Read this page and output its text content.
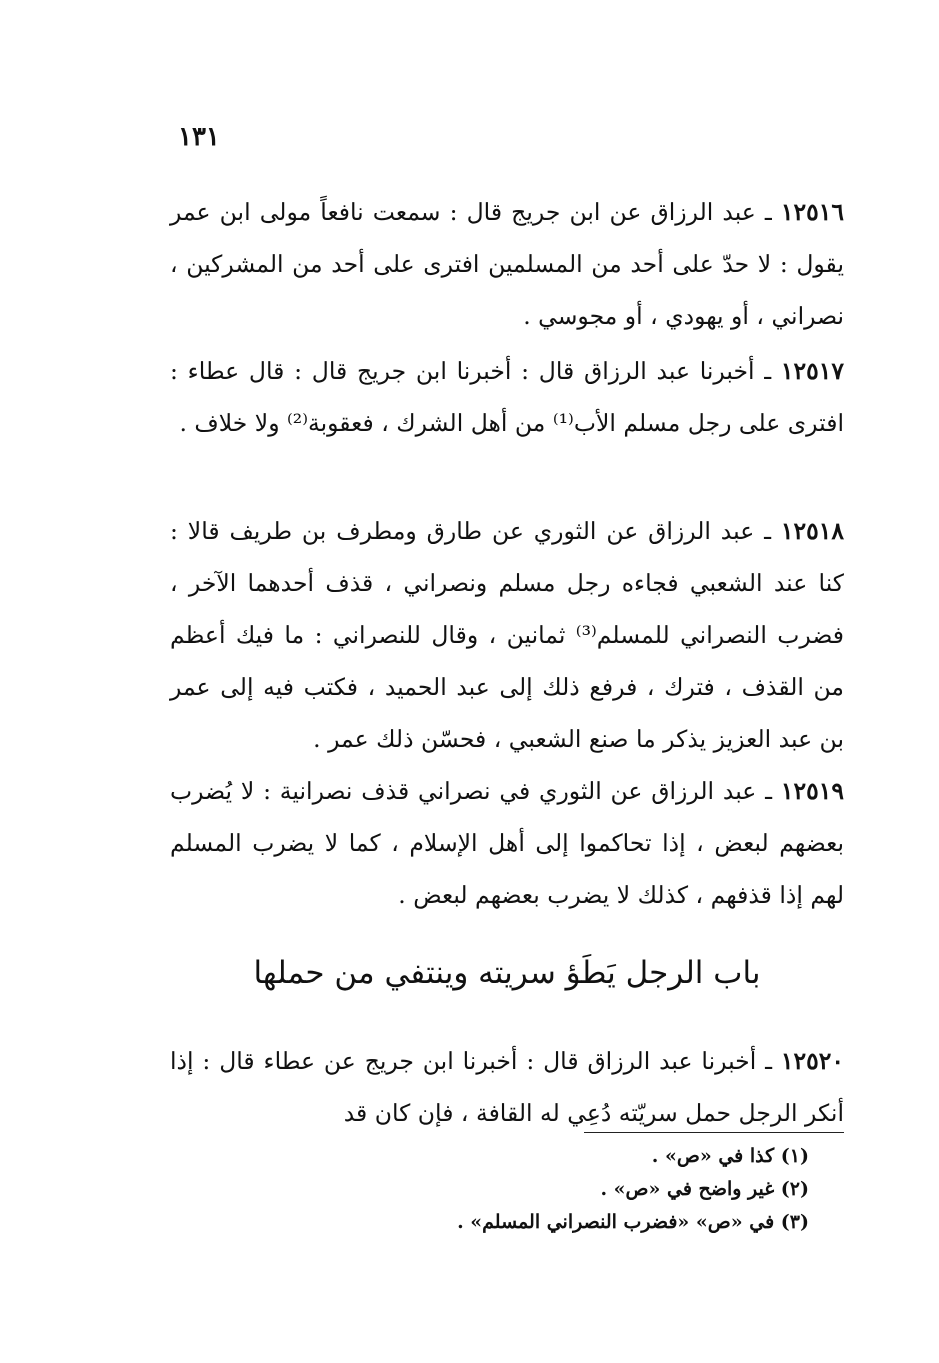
١٣١

١٢٥١٦ ـ عبد الرزاق عن ابن جريج قال : سمعت نافعاً مولى ابن عمر يقول : لا حدّ على أحد من المسلمين افترى على أحد من المشركين ، نصراني ، أو يهودي ، أو مجوسي .

١٢٥١٧ ـ أخبرنا عبد الرزاق قال : أخبرنا ابن جريج قال : قال عطاء : افترى على رجل مسلم الأب⁽¹⁾ من أهل الشرك ، فعقوبة⁽²⁾ ولا خلاف .

١٢٥١٨ ـ عبد الرزاق عن الثوري عن طارق ومطرف بن طريف قالا : كنا عند الشعبي فجاءه رجل مسلم ونصراني ، قذف أحدهما الآخر ، فضرب النصراني للمسلم⁽³⁾ ثمانين ، وقال للنصراني : ما فيك أعظم من القذف ، فترك ، فرفع ذلك إلى عبد الحميد ، فكتب فيه إلى عمر بن عبد العزيز يذكر ما صنع الشعبي ، فحسّن ذلك عمر .

١٢٥١٩ ـ عبد الرزاق عن الثوري في نصراني قذف نصرانية : لا يُضرب بعضهم لبعض ، إذا تحاكموا إلى أهل الإسلام ، كما لا يضرب المسلم لهم إذا قذفهم ، كذلك لا يضرب بعضهم لبعض .

باب الرجل يَطَؤ سريته وينتفي من حملها

١٢٥٢٠ ـ أخبرنا عبد الرزاق قال : أخبرنا ابن جريج عن عطاء قال : إذا أنكر الرجل حمل سريّته دُعِي له القافة ، فإن كان قد

(١) كذا في «ص» .
(٢) غير واضح في «ص» .
(٣) في «ص» «فضرب النصراني المسلم» .
